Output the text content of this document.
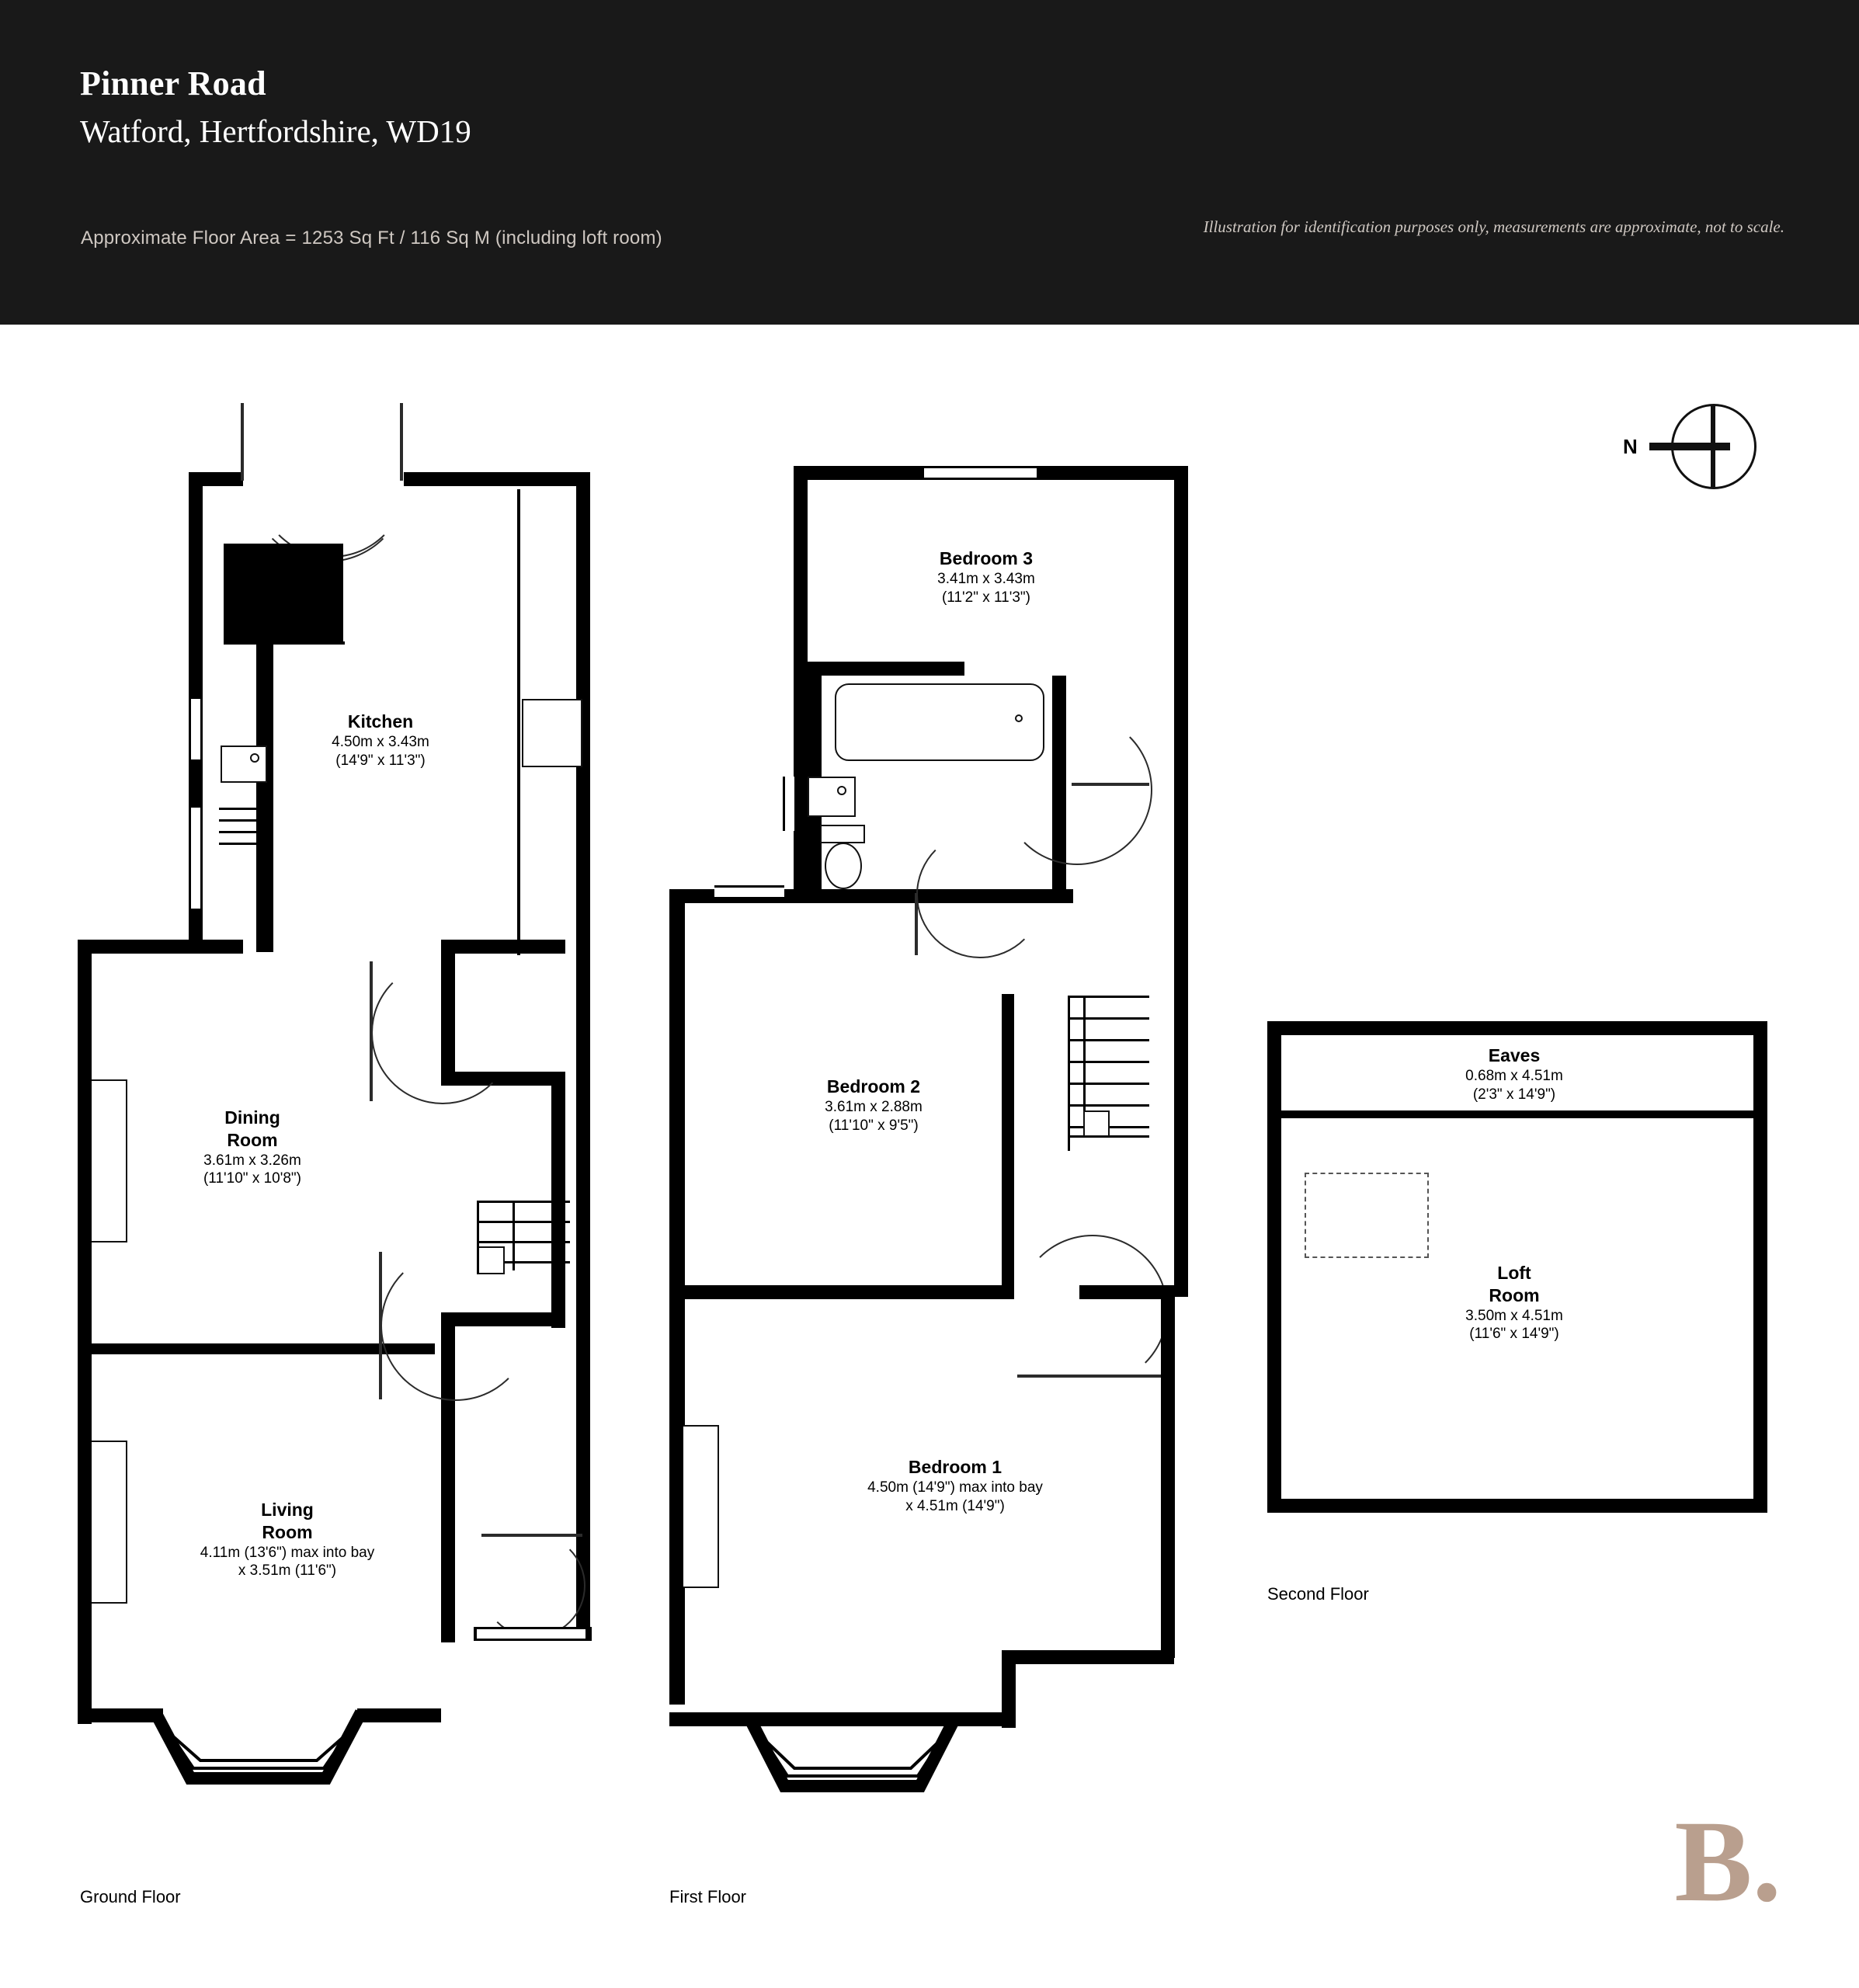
Pinner Road
Watford, Hertfordshire, WD19
Approximate Floor Area = 1253 Sq Ft / 116 Sq M (including loft room)
Illustration for identification purposes only, measurements are approximate, not to scale.
N
Kitchen
4.50m x 3.43m
(14'9" x 11'3")
Dining
Room
3.61m x 3.26m
(11'10" x 10'8")
Living
Room
4.11m (13'6") max into bay
x 3.51m (11'6")
Ground Floor
Bedroom 3
3.41m x 3.43m
(11'2" x 11'3")
Bedroom 2
3.61m x 2.88m
(11'10" x 9'5")
Bedroom 1
4.50m (14'9") max into bay
x 4.51m (14'9")
First Floor
Eaves
0.68m x 4.51m
(2'3" x 14'9")
Loft
Room
3.50m x 4.51m
(11'6" x 14'9")
Second Floor
B.
